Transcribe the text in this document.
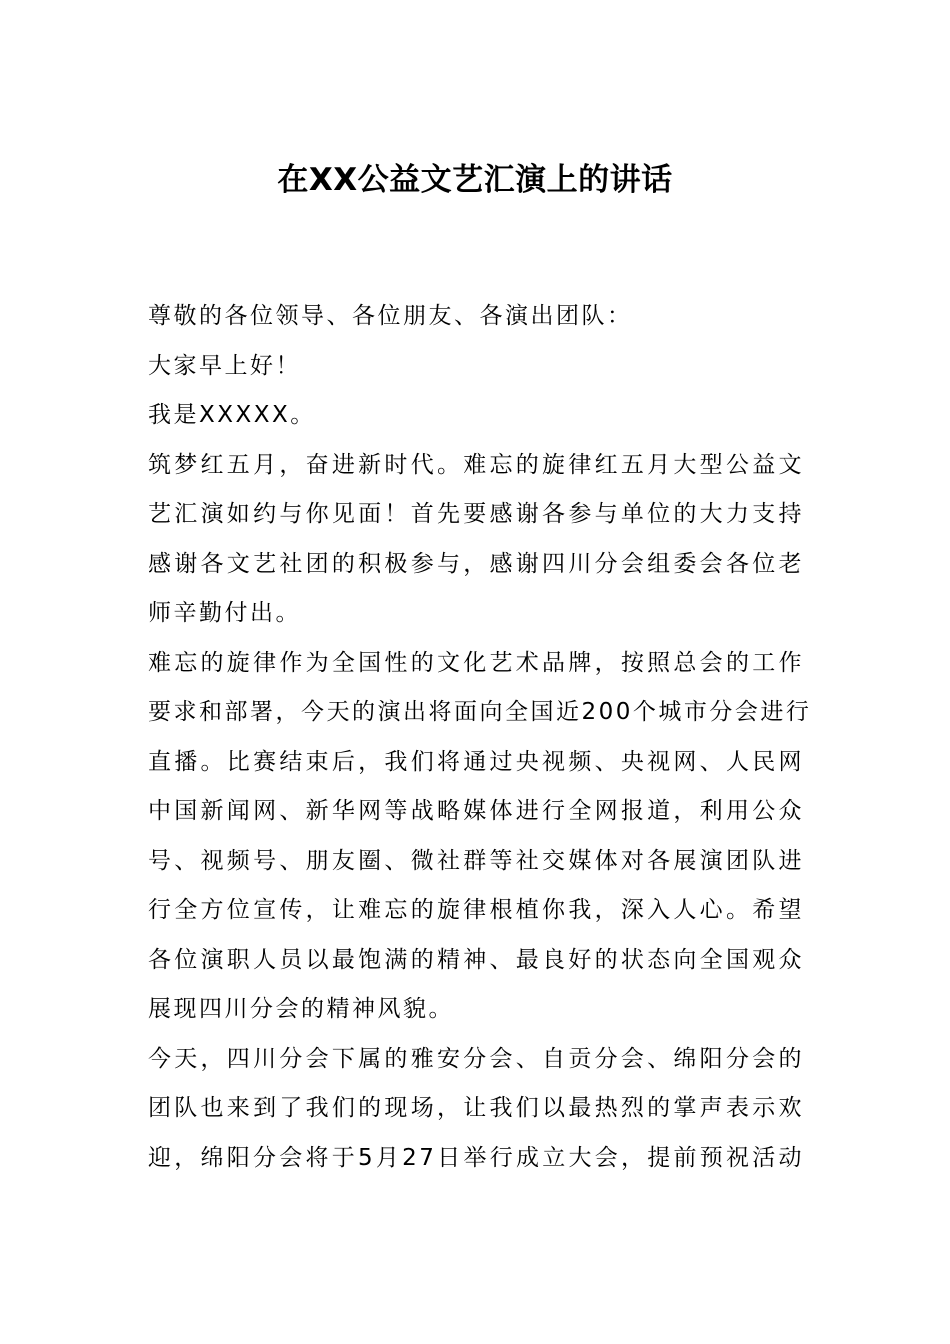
在XX公益文艺汇演上的讲话
尊敬的各位领导、各位朋友、各演出团队：
大家早上好！
我是XXXXX。
筑梦红五月，奋进新时代。难忘的旋律红五月大型公益文
艺汇演如约与你见面！首先要感谢各参与单位的大力支持
感谢各文艺社团的积极参与，感谢四川分会组委会各位老
师辛勤付出。
难忘的旋律作为全国性的文化艺术品牌，按照总会的工作
要求和部署，今天的演出将面向全国近200个城市分会进行
直播。比赛结束后，我们将通过央视频、央视网、人民网
中国新闻网、新华网等战略媒体进行全网报道，利用公众
号、视频号、朋友圈、微社群等社交媒体对各展演团队进
行全方位宣传，让难忘的旋律根植你我，深入人心。希望
各位演职人员以最饱满的精神、最良好的状态向全国观众
展现四川分会的精神风貌。
今天，四川分会下属的雅安分会、自贡分会、绵阳分会的
团队也来到了我们的现场，让我们以最热烈的掌声表示欢
迎，绵阳分会将于5月27日举行成立大会，提前预祝活动
